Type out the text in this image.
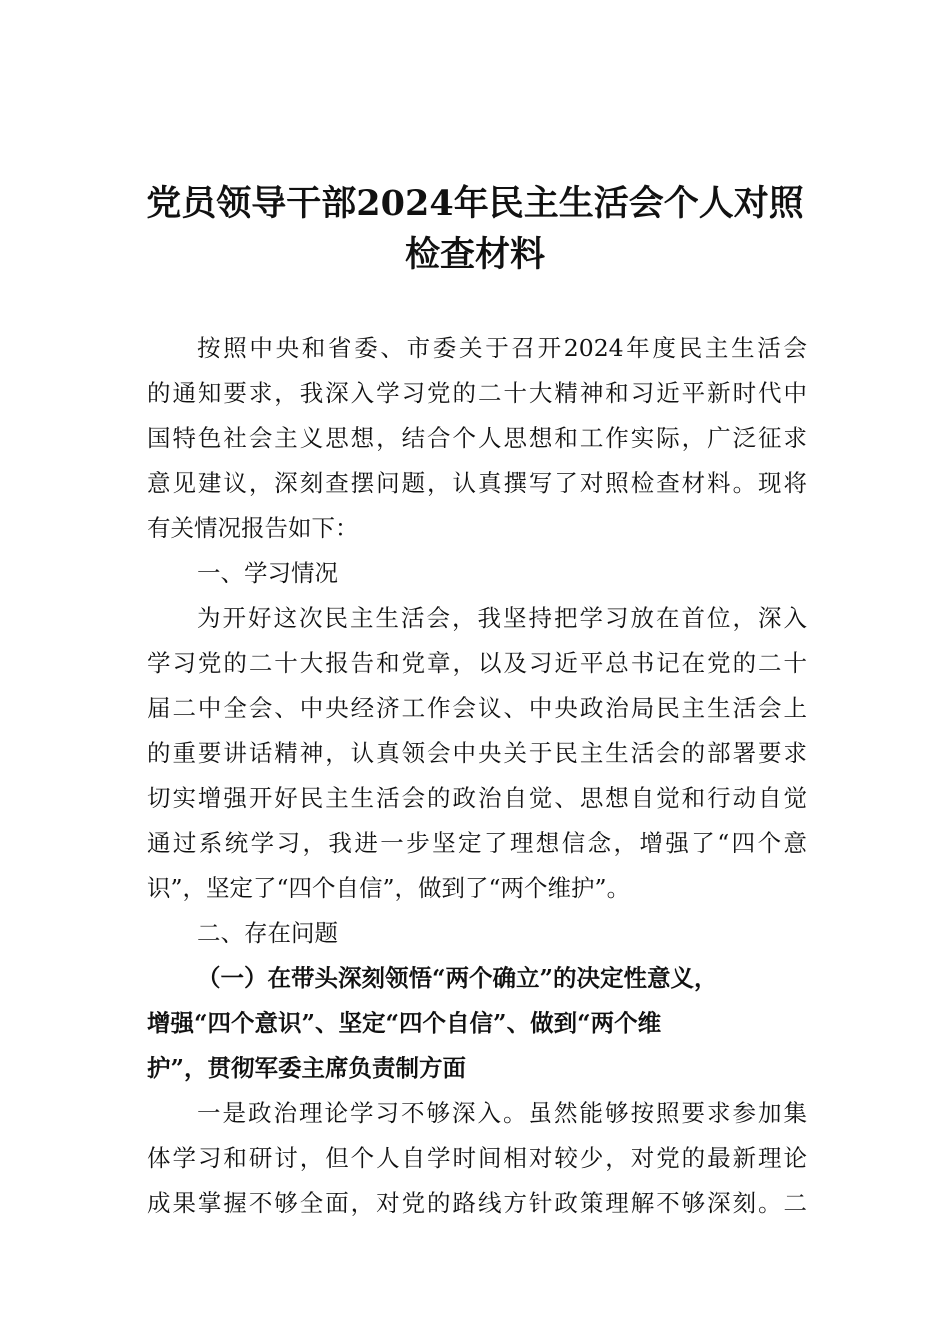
党员领导干部2024年民主生活会个人对照
检查材料
按照中央和省委、市委关于召开2024年度民主生活会
的通知要求，我深入学习党的二十大精神和习近平新时代中
国特色社会主义思想，结合个人思想和工作实际，广泛征求
意见建议，深刻查摆问题，认真撰写了对照检查材料。现将
有关情况报告如下：
一、学习情况
为开好这次民主生活会，我坚持把学习放在首位，深入
学习党的二十大报告和党章，以及习近平总书记在党的二十
届二中全会、中央经济工作会议、中央政治局民主生活会上
的重要讲话精神，认真领会中央关于民主生活会的部署要求
切实增强开好民主生活会的政治自觉、思想自觉和行动自觉
通过系统学习，我进一步坚定了理想信念，增强了“四个意
识”，坚定了“四个自信”，做到了“两个维护”。
二、存在问题
（一）在带头深刻领悟“两个确立”的决定性意义，
增强“四个意识”、坚定“四个自信”、做到“两个维
护”，贯彻军委主席负责制方面
一是政治理论学习不够深入。虽然能够按照要求参加集
体学习和研讨，但个人自学时间相对较少，对党的最新理论
成果掌握不够全面，对党的路线方针政策理解不够深刻。二
